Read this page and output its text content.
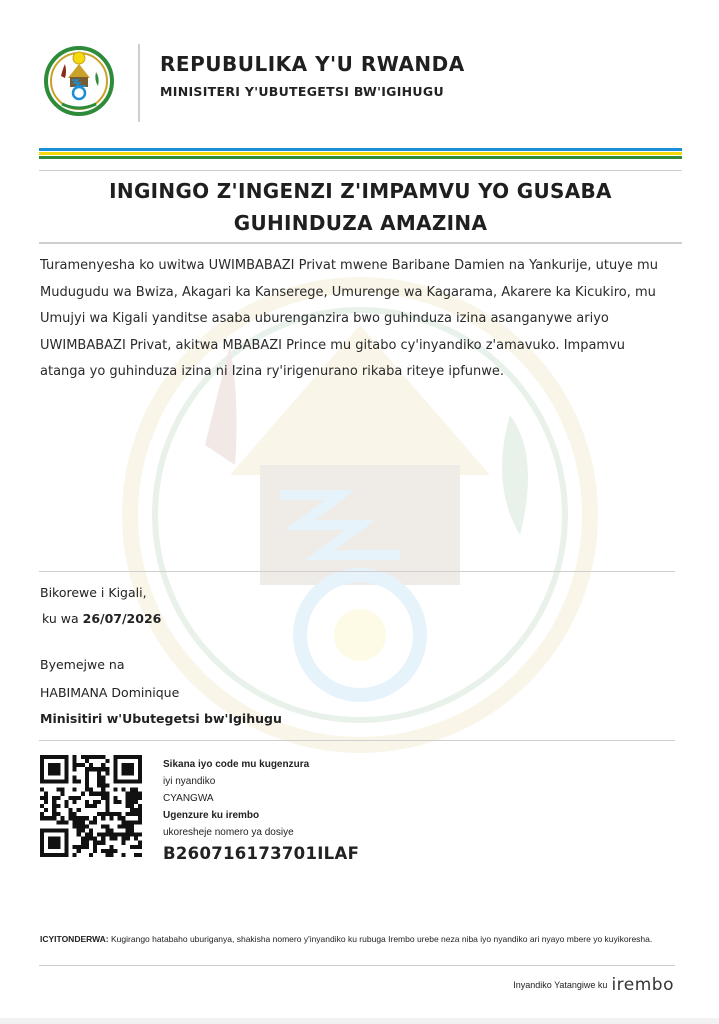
REPUBULIKA Y'U RWANDA
MINISITERI Y'UBUTEGETSI BW'IGIHUGU
INGINGO Z'INGENZI Z'IMPAMVU YO GUSABA
GUHINDUZA AMAZINA
Turamenyesha ko uwitwa UWIMBABAZI Privat mwene Baribane Damien na Yankurije, utuye mu
Mudugudu wa Bwiza, Akagari ka Kanserege, Umurenge wa Kagarama, Akarere ka Kicukiro, mu
Umujyi wa Kigali yanditse asaba uburenganzira bwo guhinduza izina asanganywe ariyo
UWIMBABAZI Privat, akitwa MBABAZI Prince mu gitabo cy'inyandiko z'amavuko. Impamvu
atanga yo guhinduza izina ni Izina ry'irigenurano rikaba riteye ipfunwe.
Bikorewe i Kigali,
ku wa 26/07/2026
Byemejwe na
HABIMANA Dominique
Minisitiri w'Ubutegetsi bw'Igihugu
Sikana iyo code mu kugenzura
iyi nyandiko
CYANGWA
Ugenzure ku irembo
ukoresheje nomero ya dosiye
B260716173701ILAF
ICYITONDERWA: Kugirango hatabaho uburiganya, shakisha nomero y'inyandiko ku rubuga Irembo urebe neza niba iyo nyandiko ari nyayo mbere yo kuyikoresha.
Inyandiko Yatangiwe ku irembo
